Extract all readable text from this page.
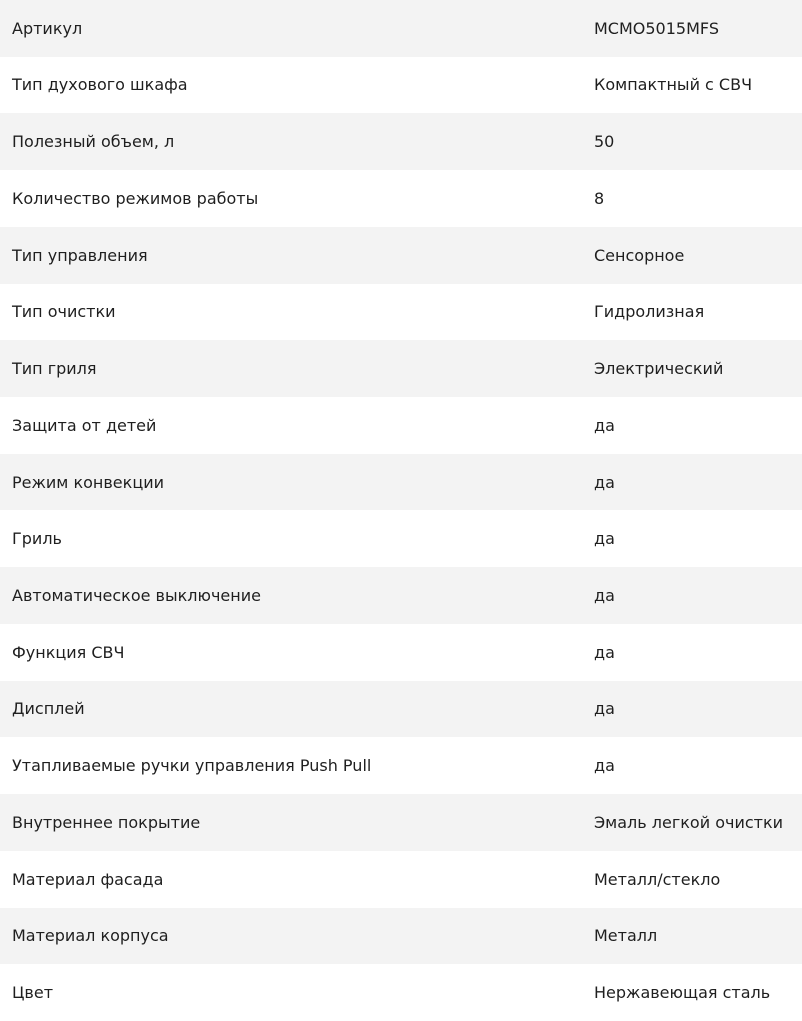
Артикул	MCMO5015MFS
Тип духового шкафа	Компактный с СВЧ
Полезный объем, л	50
Количество режимов работы	8
Тип управления	Сенсорное
Тип очистки	Гидролизная
Тип гриля	Электрический
Защита от детей	да
Режим конвекции	да
Гриль	да
Автоматическое выключение	да
Функция СВЧ	да
Дисплей	да
Утапливаемые ручки управления Push Pull	да
Внутреннее покрытие	Эмаль легкой очистки
Материал фасада	Металл/стекло
Материал корпуса	Металл
Цвет	Нержавеющая сталь
